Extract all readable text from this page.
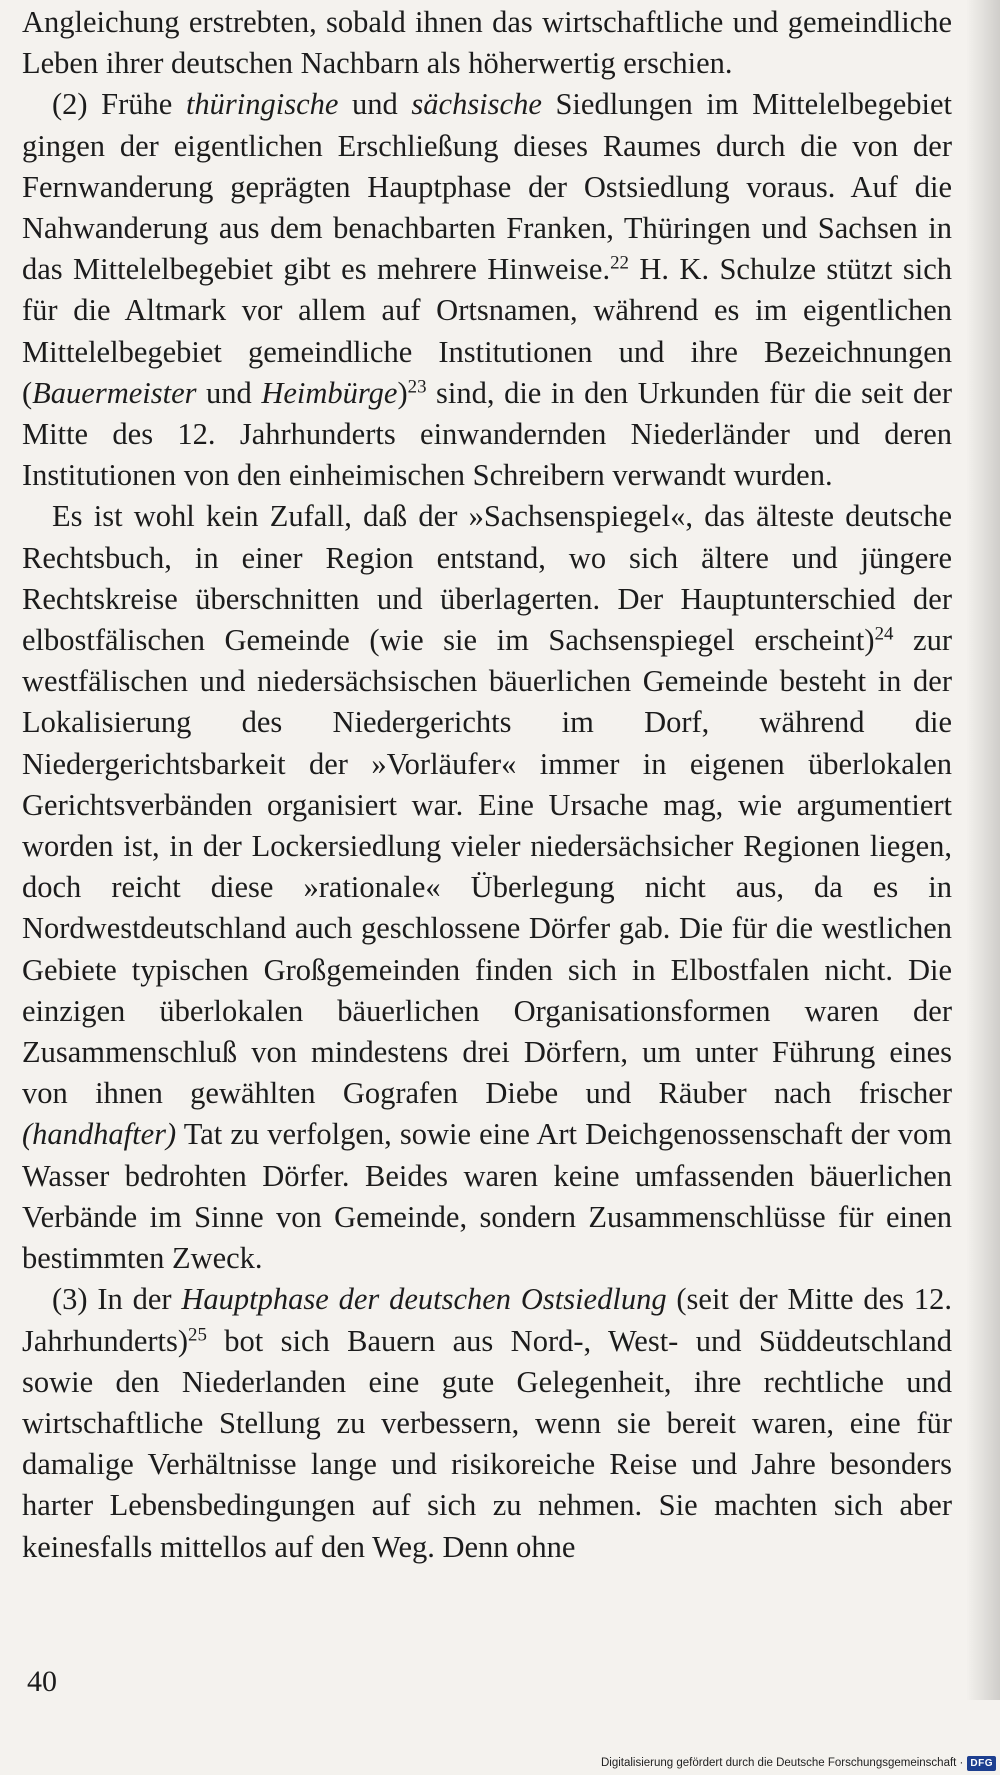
Angleichung erstrebten, sobald ihnen das wirtschaftliche und gemeindliche Leben ihrer deutschen Nachbarn als höherwertig erschien.

(2) Frühe thüringische und sächsische Siedlungen im Mittelelbegebiet gingen der eigentlichen Erschließung dieses Raumes durch die von der Fernwanderung geprägten Hauptphase der Ostsiedlung voraus. Auf die Nahwanderung aus dem benachbarten Franken, Thüringen und Sachsen in das Mittelelbegebiet gibt es mehrere Hinweise.$^{22}$ H. K. Schulze stützt sich für die Altmark vor allem auf Ortsnamen, während es im eigentlichen Mittelelbegebiet gemeindliche Institutionen und ihre Bezeichnungen (Bauermeister und Heimbürge)$^{23}$ sind, die in den Urkunden für die seit der Mitte des 12. Jahrhunderts einwandernden Niederländer und deren Institutionen von den einheimischen Schreibern verwandt wurden.

Es ist wohl kein Zufall, daß der »Sachsenspiegel«, das älteste deutsche Rechtsbuch, in einer Region entstand, wo sich ältere und jüngere Rechtskreise überschnitten und überlagerten. Der Hauptunterschied der elbostfälischen Gemeinde (wie sie im Sachsenspiegel erscheint)$^{24}$ zur westfälischen und niedersächsischen bäuerlichen Gemeinde besteht in der Lokalisierung des Niedergerichts im Dorf, während die Niedergerichtsbarkeit der »Vorläufer« immer in eigenen überlokalen Gerichtsverbänden organisiert war. Eine Ursache mag, wie argumentiert worden ist, in der Lockersiedlung vieler niedersächsicher Regionen liegen, doch reicht diese »rationale« Überlegung nicht aus, da es in Nordwestdeutschland auch geschlossene Dörfer gab. Die für die westlichen Gebiete typischen Großgemeinden finden sich in Elbostfalen nicht. Die einzigen überlokalen bäuerlichen Organisationsformen waren der Zusammenschluß von mindestens drei Dörfern, um unter Führung eines von ihnen gewählten Gografen Diebe und Räuber nach frischer (handhafter) Tat zu verfolgen, sowie eine Art Deichgenossenschaft der vom Wasser bedrohten Dörfer. Beides waren keine umfassenden bäuerlichen Verbände im Sinne von Gemeinde, sondern Zusammenschlüsse für einen bestimmten Zweck.

(3) In der Hauptphase der deutschen Ostsiedlung (seit der Mitte des 12. Jahrhunderts)$^{25}$ bot sich Bauern aus Nord-, West- und Süddeutschland sowie den Niederlanden eine gute Gelegenheit, ihre rechtliche und wirtschaftliche Stellung zu verbessern, wenn sie bereit waren, eine für damalige Verhältnisse lange und risikoreiche Reise und Jahre besonders harter Lebensbedingungen auf sich zu nehmen. Sie machten sich aber keinesfalls mittellos auf den Weg. Denn ohne

40
Digitalisierung gefördert durch die Deutsche Forschungsgemeinschaft · DFG
